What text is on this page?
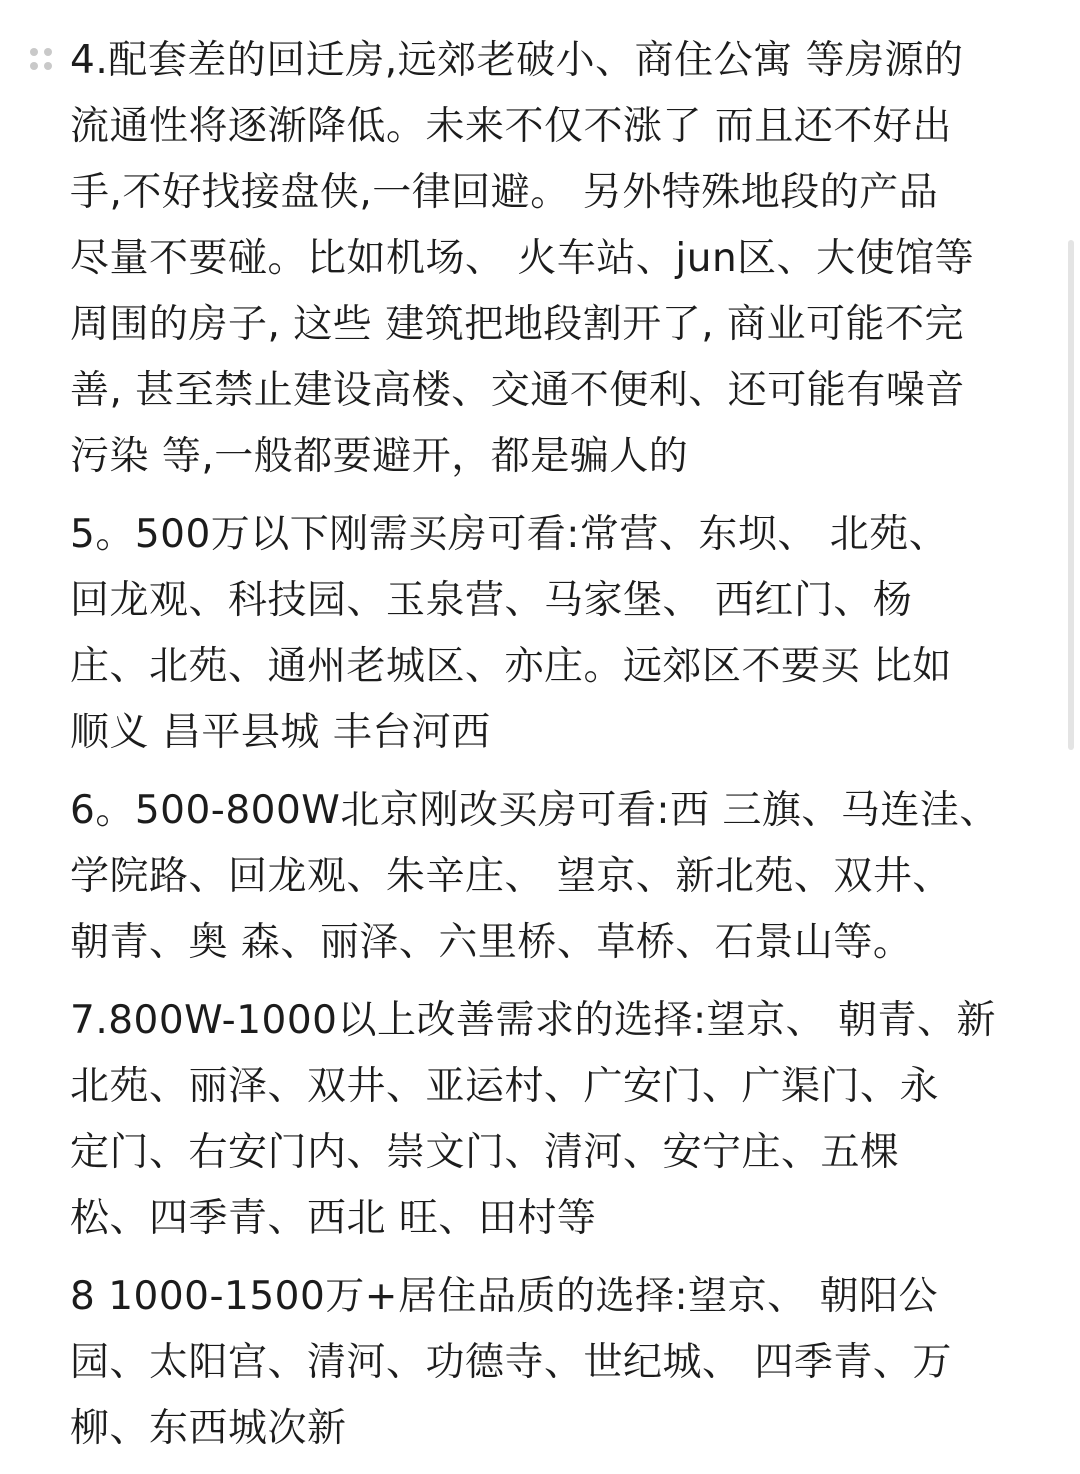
4.配套差的回迁房,远郊老破小、商住公寓 等房源的
流通性将逐渐降低。未来不仅不涨了 而且还不好出
手,不好找接盘侠,一律回避。 另外特殊地段的产品
尽量不要碰。比如机场、 火车站、jun区、大使馆等
周围的房子, 这些 建筑把地段割开了, 商业可能不完
善, 甚至禁止建设高楼、交通不便利、还可能有噪音
污染 等,一般都要避开，都是骗人的

5。500万以下刚需买房可看:常营、东坝、 北苑、
回龙观、科技园、玉泉营、马家堡、 西红门、杨
庄、北苑、通州老城区、亦庄。远郊区不要买 比如
顺义 昌平县城 丰台河西

6。500-800W北京刚改买房可看:西 三旗、马连洼、
学院路、回龙观、朱辛庄、 望京、新北苑、双井、
朝青、奥 森、丽泽、六里桥、草桥、石景山等。

7.800W-1000以上改善需求的选择:望京、 朝青、新
北苑、丽泽、双井、亚运村、广安门、广渠门、永
定门、右安门内、崇文门、清河、安宁庄、五棵
松、四季青、西北 旺、田村等

8 1000-1500万+居住品质的选择:望京、 朝阳公
园、太阳宫、清河、功德寺、世纪城、 四季青、万
柳、东西城次新
